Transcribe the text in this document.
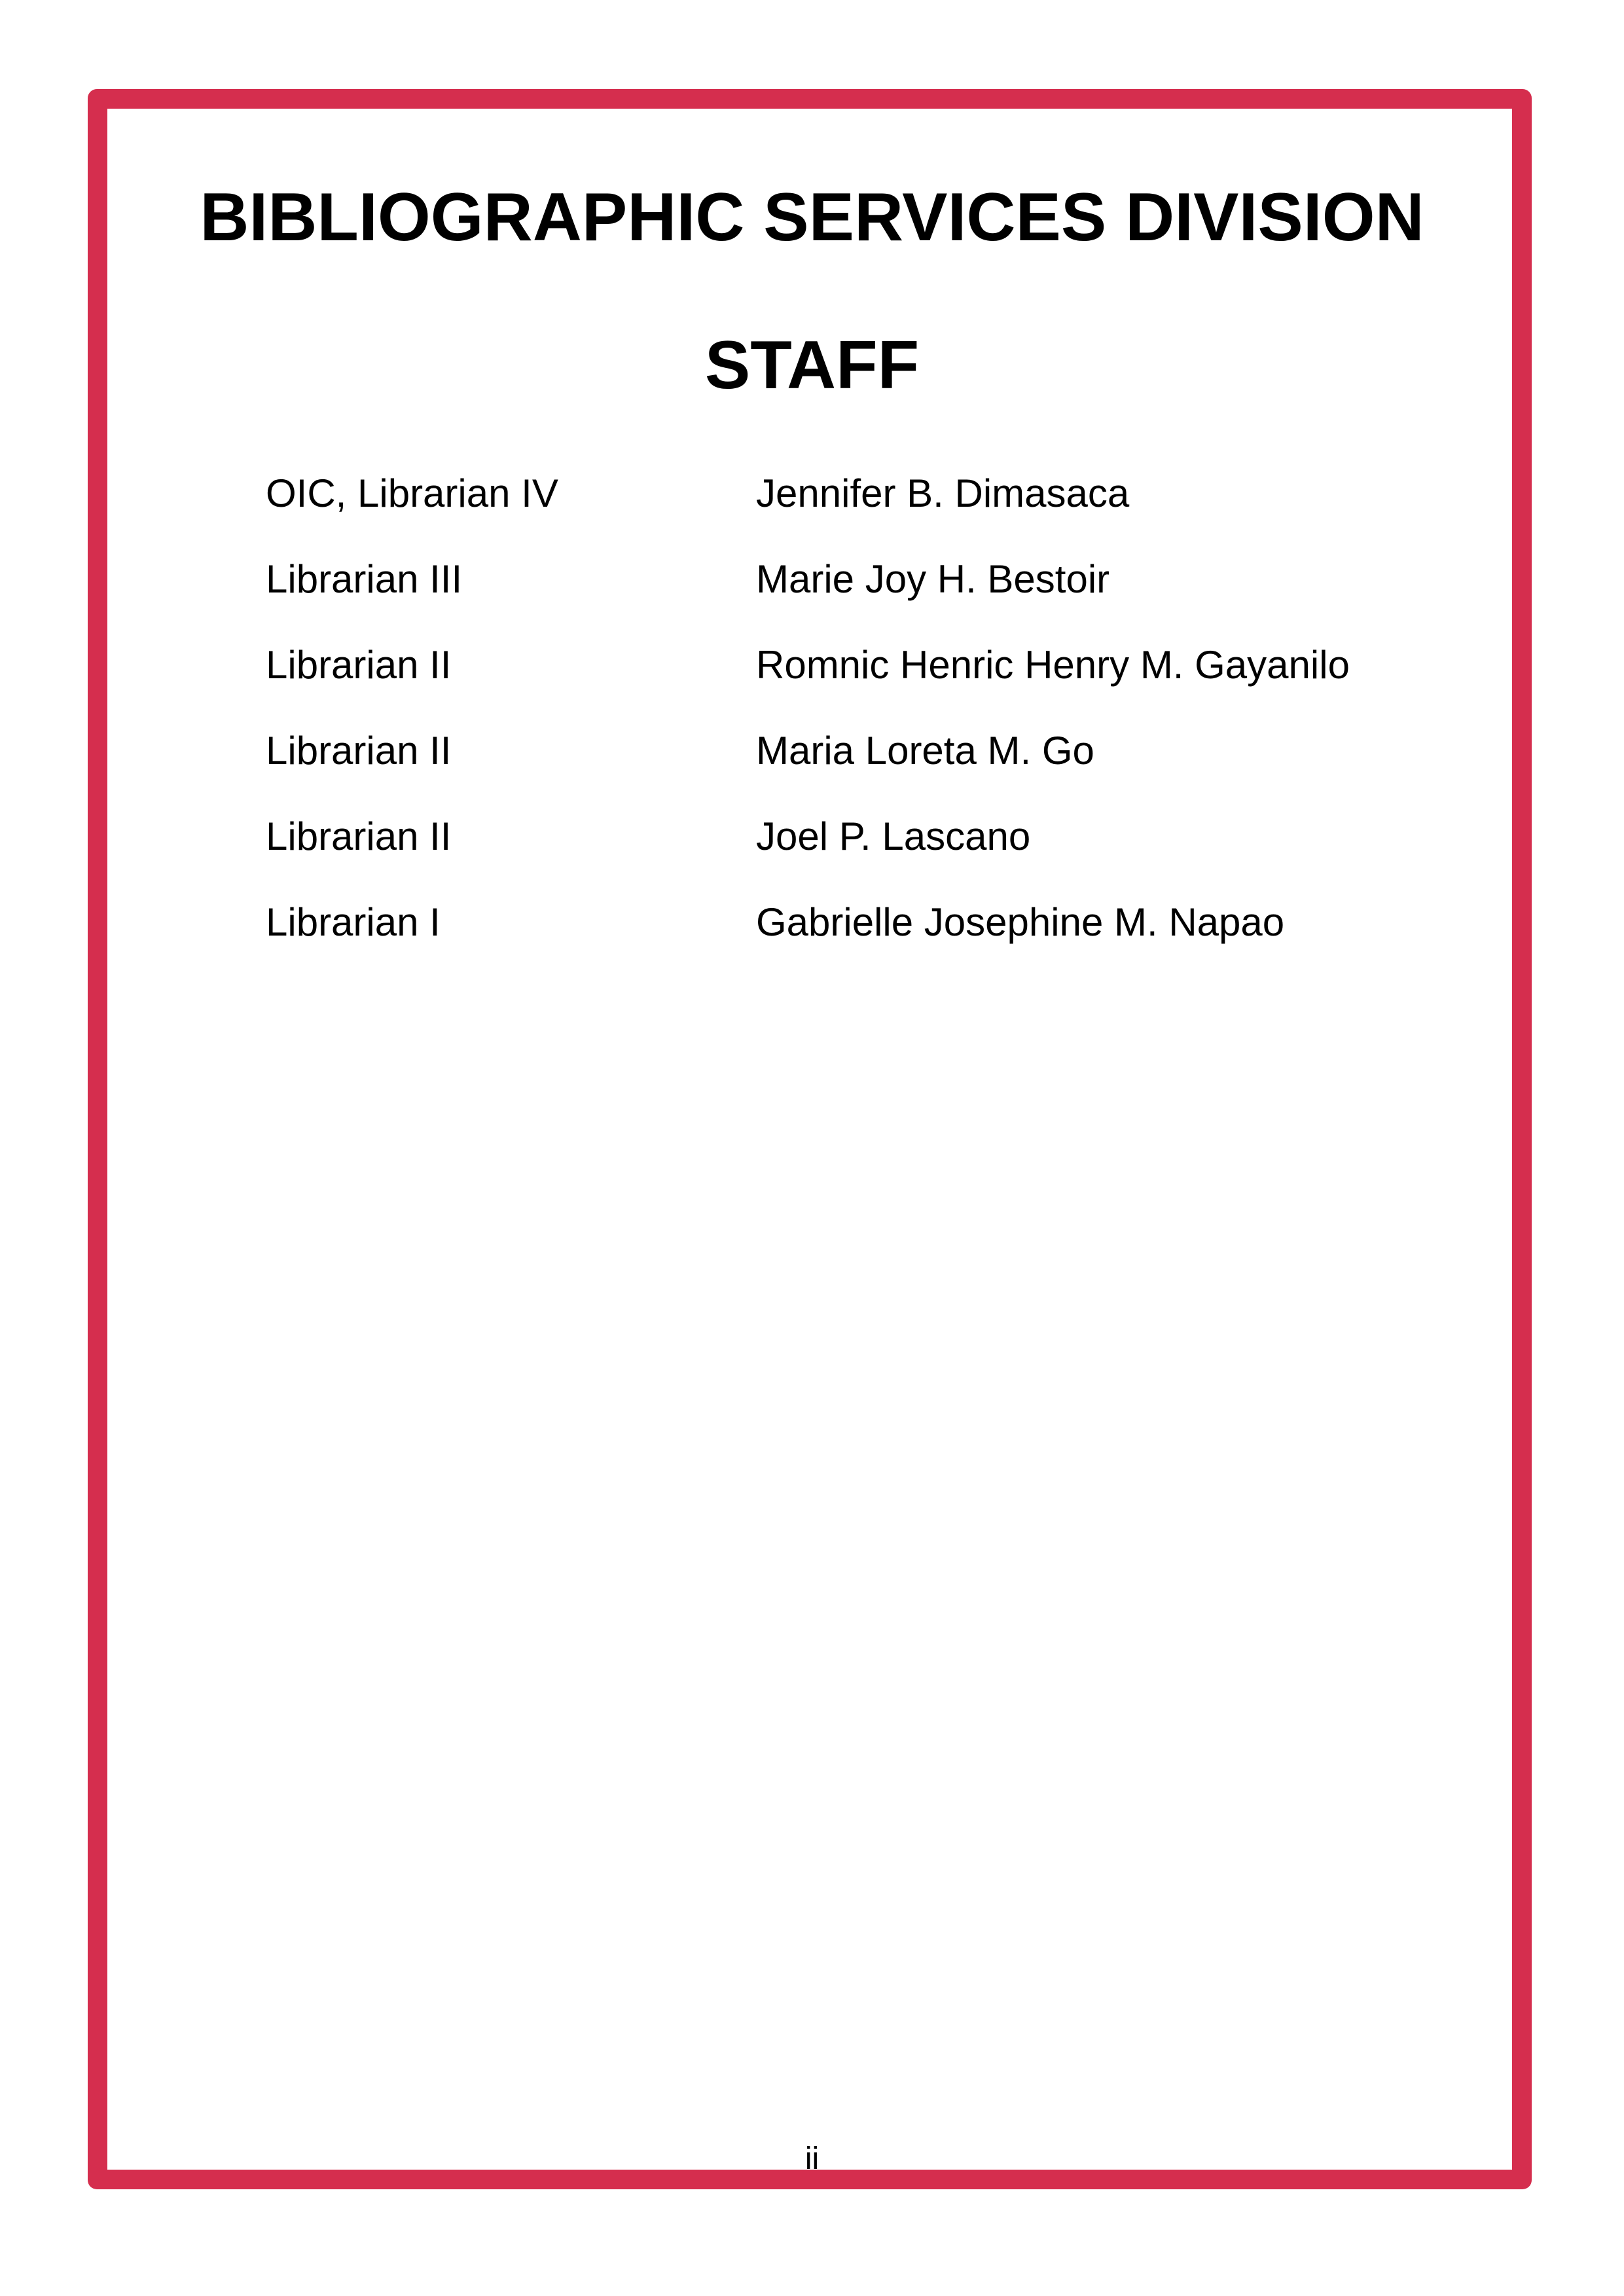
BIBLIOGRAPHIC SERVICES DIVISION
STAFF
OIC, Librarian IV	Jennifer B. Dimasaca
Librarian III	Marie Joy H. Bestoir
Librarian II	Romnic Henric Henry M. Gayanilo
Librarian II	Maria Loreta M. Go
Librarian II	Joel P. Lascano
Librarian I	Gabrielle Josephine M. Napao
ii
